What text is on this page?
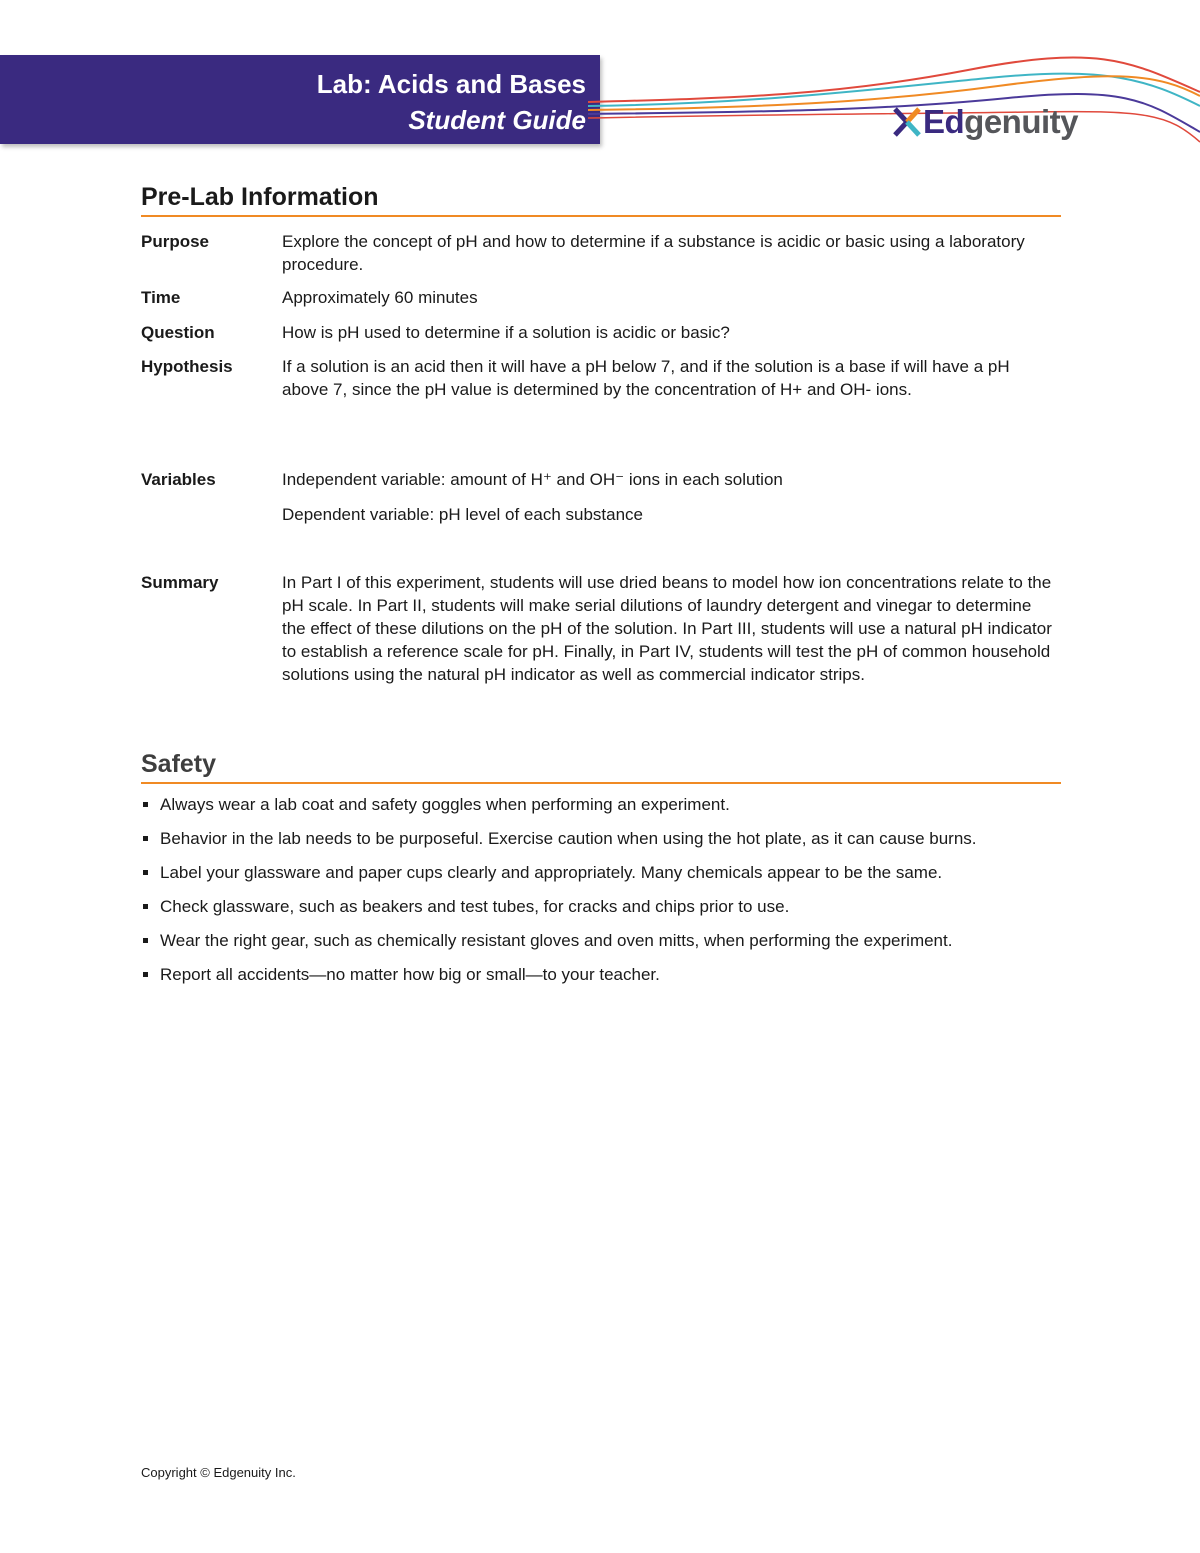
Lab: Acids and Bases
Student Guide	Edgenuity
Pre-Lab Information
Purpose	Explore the concept of pH and how to determine if a substance is acidic or basic using a laboratory procedure.

Time	Approximately 60 minutes

Question	How is pH used to determine if a solution is acidic or basic?

Hypothesis	If a solution is an acid then it will have a pH below 7, and if the solution is a base if will have a pH above 7, since the pH value is determined by the concentration of H+ and OH- ions.

Variables	Independent variable: amount of H⁺ and OH⁻ ions in each solution

Dependent variable: pH level of each substance

Summary	In Part I of this experiment, students will use dried beans to model how ion concentrations relate to the pH scale. In Part II, students will make serial dilutions of laundry detergent and vinegar to determine the effect of these dilutions on the pH of the solution. In Part III, students will use a natural pH indicator to establish a reference scale for pH. Finally, in Part IV, students will test the pH of common household solutions using the natural pH indicator as well as commercial indicator strips.

Safety
Always wear a lab coat and safety goggles when performing an experiment.
Behavior in the lab needs to be purposeful. Exercise caution when using the hot plate, as it can cause burns.
Label your glassware and paper cups clearly and appropriately. Many chemicals appear to be the same.
Check glassware, such as beakers and test tubes, for cracks and chips prior to use.
Wear the right gear, such as chemically resistant gloves and oven mitts, when performing the experiment.
Report all accidents—no matter how big or small—to your teacher.
Copyright © Edgenuity Inc.
